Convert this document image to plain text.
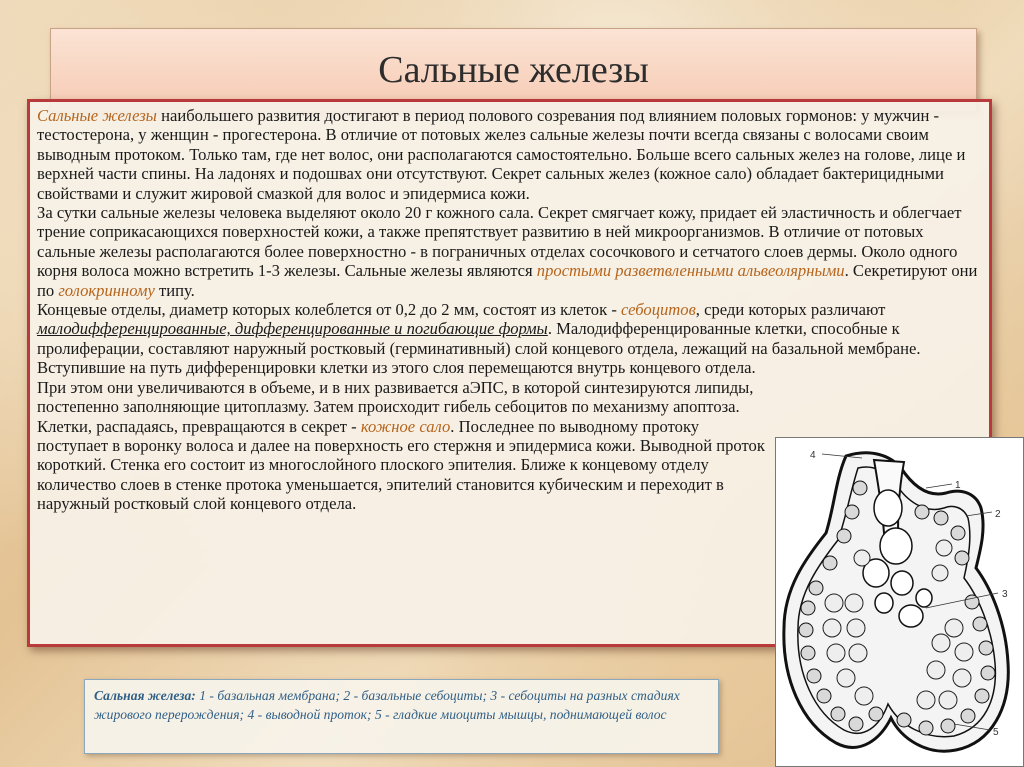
Сальные железы

Сальные железы наибольшего развития достигают в период полового созревания под влиянием половых гормонов: у мужчин - тестостерона, у женщин - прогестерона. В отличие от потовых желез сальные железы почти всегда связаны с волосами своим выводным протоком. Только там, где нет волос, они располагаются самостоятельно. Больше всего сальных желез на голове, лице и верхней части спины. На ладонях и подошвах они отсутствуют. Секрет сальных желез (кожное сало) обладает бактерицидными свойствами и служит жировой смазкой для волос и эпидермиса кожи.

За сутки сальные железы человека выделяют около 20 г кожного сала. Секрет смягчает кожу, придает ей эластичность и облегчает трение соприкасающихся поверхностей кожи, а также препятствует развитию в ней микроорганизмов. В отличие от потовых сальные железы располагаются более поверхностно - в пограничных отделах сосочкового и сетчатого слоев дермы. Около одного корня волоса можно встретить 1-3 железы. Сальные железы являются простыми разветвленными альвеолярными. Секретируют они по голокринному типу.

Концевые отделы, диаметр которых колеблется от 0,2 до 2 мм, состоят из клеток - себоцитов, среди которых различают малодифференцированные, дифференцированные и погибающие формы. Малодифференцированные клетки, способные к пролиферации, составляют наружный ростковый (герминативный) слой концевого отдела, лежащий на базальной мембране. Вступившие на путь дифференцировки клетки из этого слоя перемещаются внутрь концевого отдела.

При этом они увеличиваются в объеме, и в них развивается аЭПС, в которой синтезируются липиды, постепенно заполняющие цитоплазму. Затем происходит гибель себоцитов по механизму апоптоза. Клетки, распадаясь, превращаются в секрет - кожное сало. Последнее по выводному протоку поступает в воронку волоса и далее на поверхность его стержня и эпидермиса кожи. Выводной проток короткий. Стенка его состоит из многослойного плоского эпителия. Ближе к концевому отделу количество слоев в стенке протока уменьшается, эпителий становится кубическим и переходит в наружный ростковый слой концевого отдела.

Сальная железа: 1 - базальная мембрана; 2 - базальные себоциты; 3 - себоциты на разных стадиях жирового перерождения; 4 - выводной проток; 5 - гладкие миоциты мышцы, поднимающей волос
4
1
2
3
5
